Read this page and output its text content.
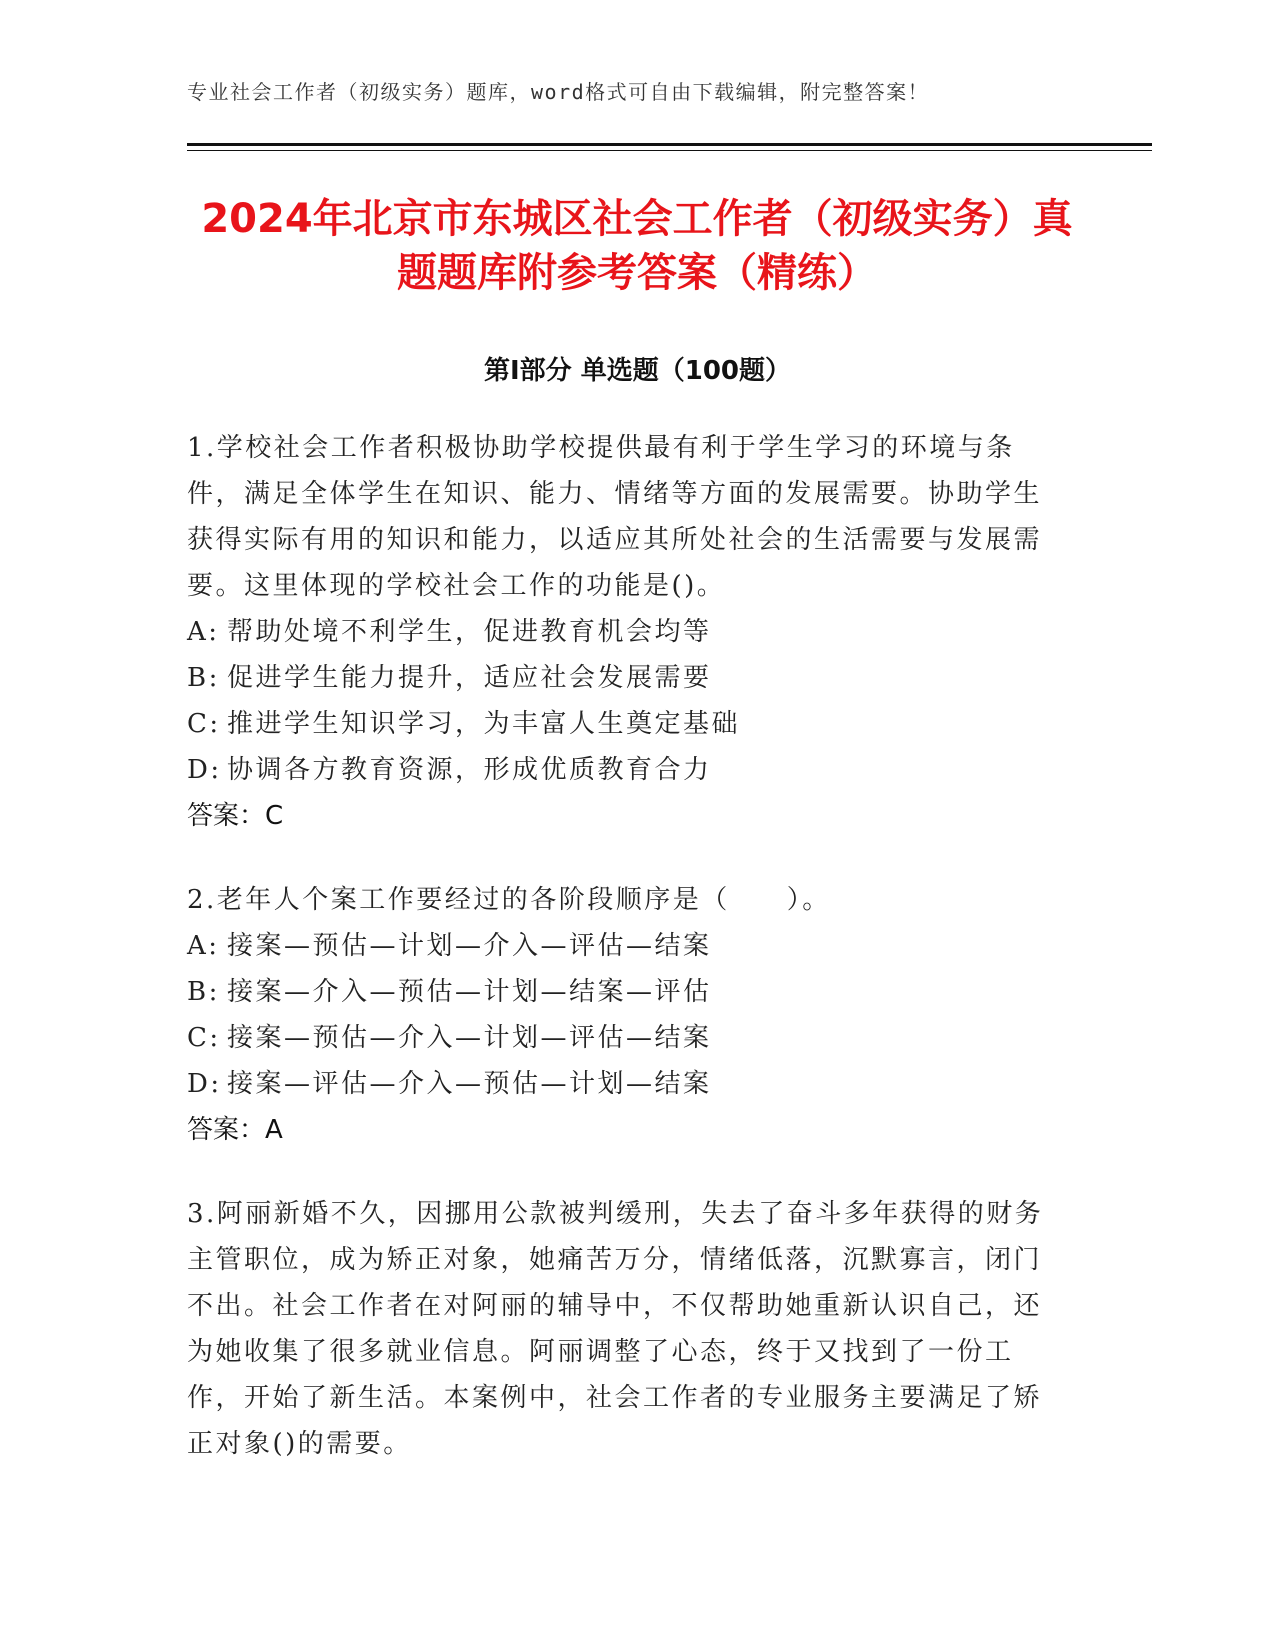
专业社会工作者（初级实务）题库，word格式可自由下载编辑，附完整答案！
2024年北京市东城区社会工作者（初级实务）真题题库附参考答案（精练）
第Ⅰ部分 单选题（100题）

1.学校社会工作者积极协助学校提供最有利于学生学习的环境与条件，满足全体学生在知识、能力、情绪等方面的发展需要。协助学生获得实际有用的知识和能力，以适应其所处社会的生活需要与发展需要。这里体现的学校社会工作的功能是()。

A: 帮助处境不利学生，促进教育机会均等

B: 促进学生能力提升，适应社会发展需要

C: 推进学生知识学习，为丰富人生奠定基础

D: 协调各方教育资源，形成优质教育合力

答案：C

2.老年人个案工作要经过的各阶段顺序是（　　）。

A: 接案—预估—计划—介入—评估—结案

B: 接案—介入—预估—计划—结案—评估

C: 接案—预估—介入—计划—评估—结案

D: 接案—评估—介入—预估—计划—结案

答案：A

3.阿丽新婚不久，因挪用公款被判缓刑，失去了奋斗多年获得的财务主管职位，成为矫正对象，她痛苦万分，情绪低落，沉默寡言，闭门不出。社会工作者在对阿丽的辅导中，不仅帮助她重新认识自己，还为她收集了很多就业信息。阿丽调整了心态，终于又找到了一份工作，开始了新生活。本案例中，社会工作者的专业服务主要满足了矫正对象()的需要。
